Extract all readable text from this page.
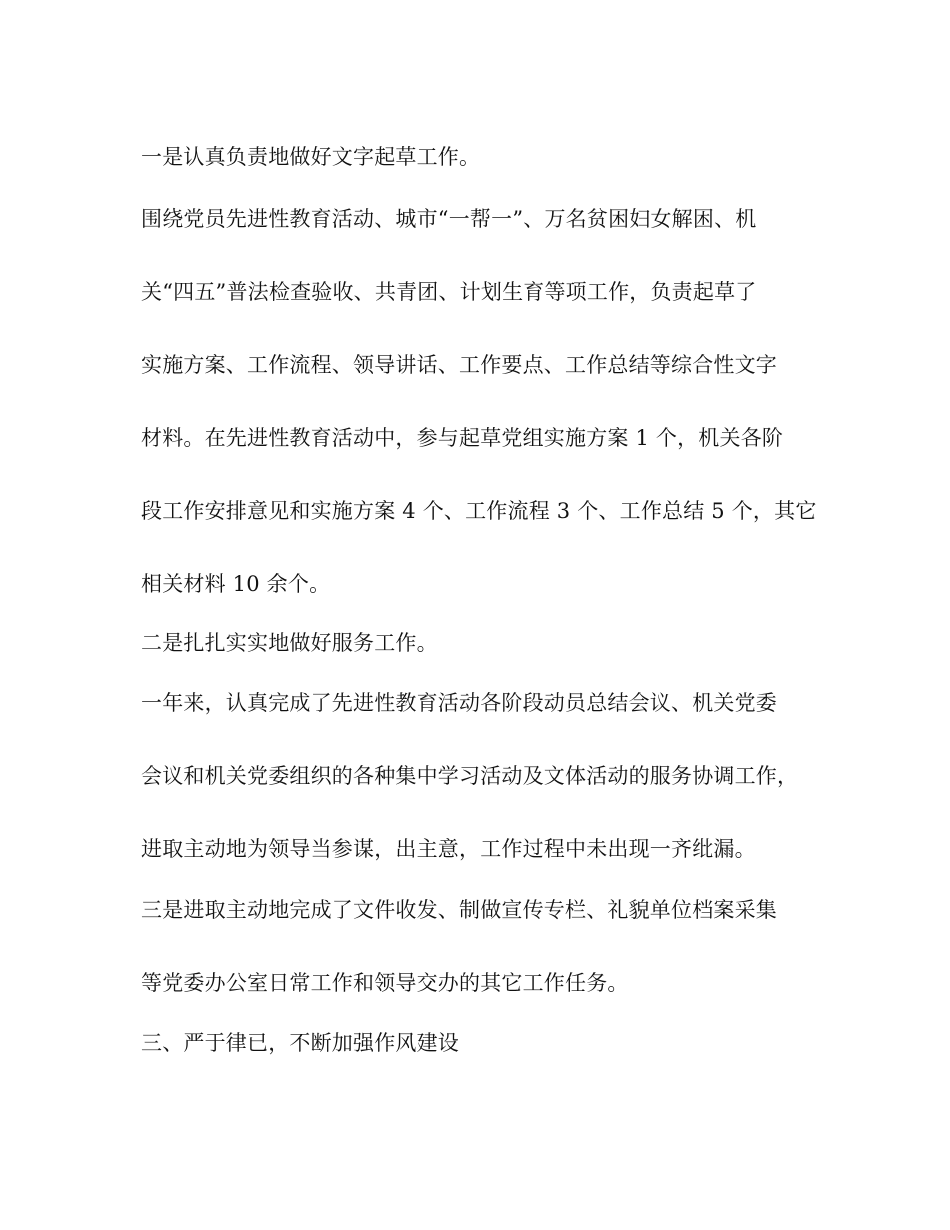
一是认真负责地做好文字起草工作。
围绕党员先进性教育活动、城市“一帮一”、万名贫困妇女解困、机
关“四五”普法检查验收、共青团、计划生育等项工作，负责起草了
实施方案、工作流程、领导讲话、工作要点、工作总结等综合性文字
材料。在先进性教育活动中，参与起草党组实施方案 1 个，机关各阶
段工作安排意见和实施方案 4 个、工作流程 3 个、工作总结 5 个，其它
相关材料 10 余个。
二是扎扎实实地做好服务工作。
一年来，认真完成了先进性教育活动各阶段动员总结会议、机关党委
会议和机关党委组织的各种集中学习活动及文体活动的服务协调工作，
进取主动地为领导当参谋，出主意，工作过程中未出现一齐纰漏。
三是进取主动地完成了文件收发、制做宣传专栏、礼貌单位档案采集
等党委办公室日常工作和领导交办的其它工作任务。
三、严于律已，不断加强作风建设
